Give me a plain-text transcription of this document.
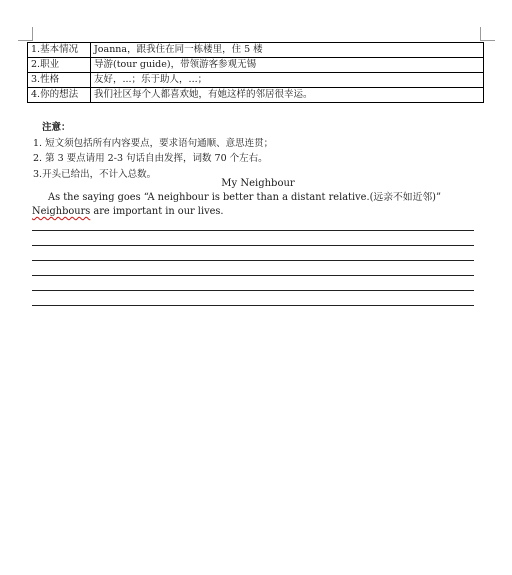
1.基本情况	Joanna，跟我住在同一栋楼里，住 5 楼
2.职业	导游(tour guide)，带领游客参观无锡
3.性格	友好，...；乐于助人，...；
4.你的想法	我们社区每个人都喜欢她，有她这样的邻居很幸运。
注意：
1. 短文须包括所有内容要点，要求语句通顺、意思连贯；
2. 第 3 要点请用 2-3 句话自由发挥，词数 70 个左右。
3.开头已给出，不计入总数。
My Neighbour

As the saying goes “A neighbour is better than a distant relative.(远亲不如近邻)” Neighbours are important in our lives.
